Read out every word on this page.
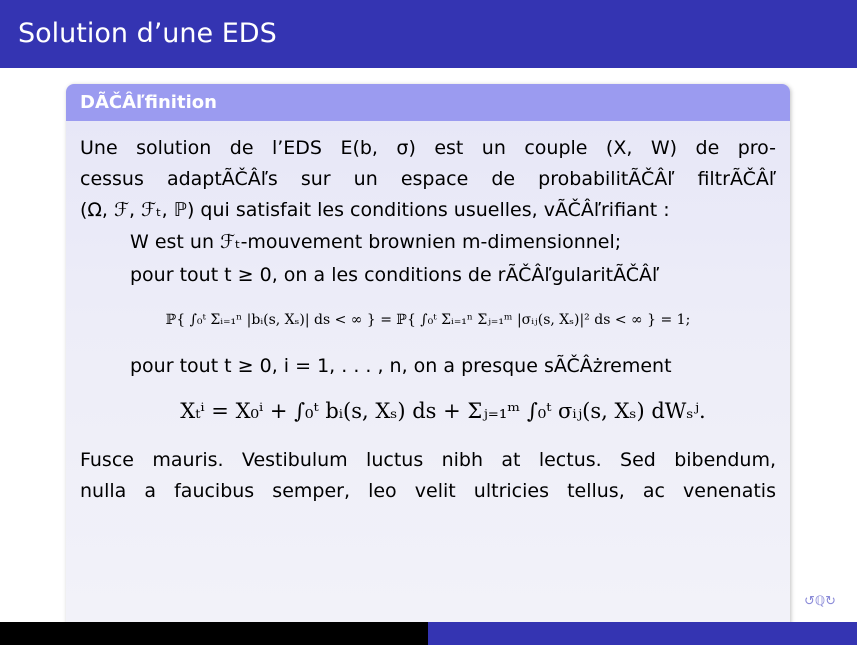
Solution d’une EDS
DÃČÂľfinition

Une solution de l’EDS E(b, σ) est un couple (X, W) de pro-
cessus adaptÃČÂľs sur un espace de probabilitÃČÂľ filtrÃČÂľ
(Ω, ℱ, ℱₜ, ℙ) qui satisfait les conditions usuelles, vÃČÂľrifiant :

W est un ℱₜ-mouvement brownien m-dimensionnel;
pour tout t ≥ 0, on a les conditions de rÃČÂľgularitÃČÂľ
ℙ{ ∫₀ᵗ Σᵢ₌₁ⁿ |bᵢ(s, Xₛ)| ds < ∞ } = ℙ{ ∫₀ᵗ Σᵢ₌₁ⁿ Σⱼ₌₁ᵐ |σᵢⱼ(s, Xₛ)|² ds < ∞ } = 1;
pour tout t ≥ 0, i = 1, . . . , n, on a presque sÃČÂżrement
Xₜⁱ = X₀ⁱ + ∫₀ᵗ bᵢ(s, Xₛ) ds + Σⱼ₌₁ᵐ ∫₀ᵗ σᵢⱼ(s, Xₛ) dWₛʲ.

Fusce mauris. Vestibulum luctus nibh at lectus. Sed bibendum,
nulla a faucibus semper, leo velit ultricies tellus, ac venenatis

↺ℚ↻
